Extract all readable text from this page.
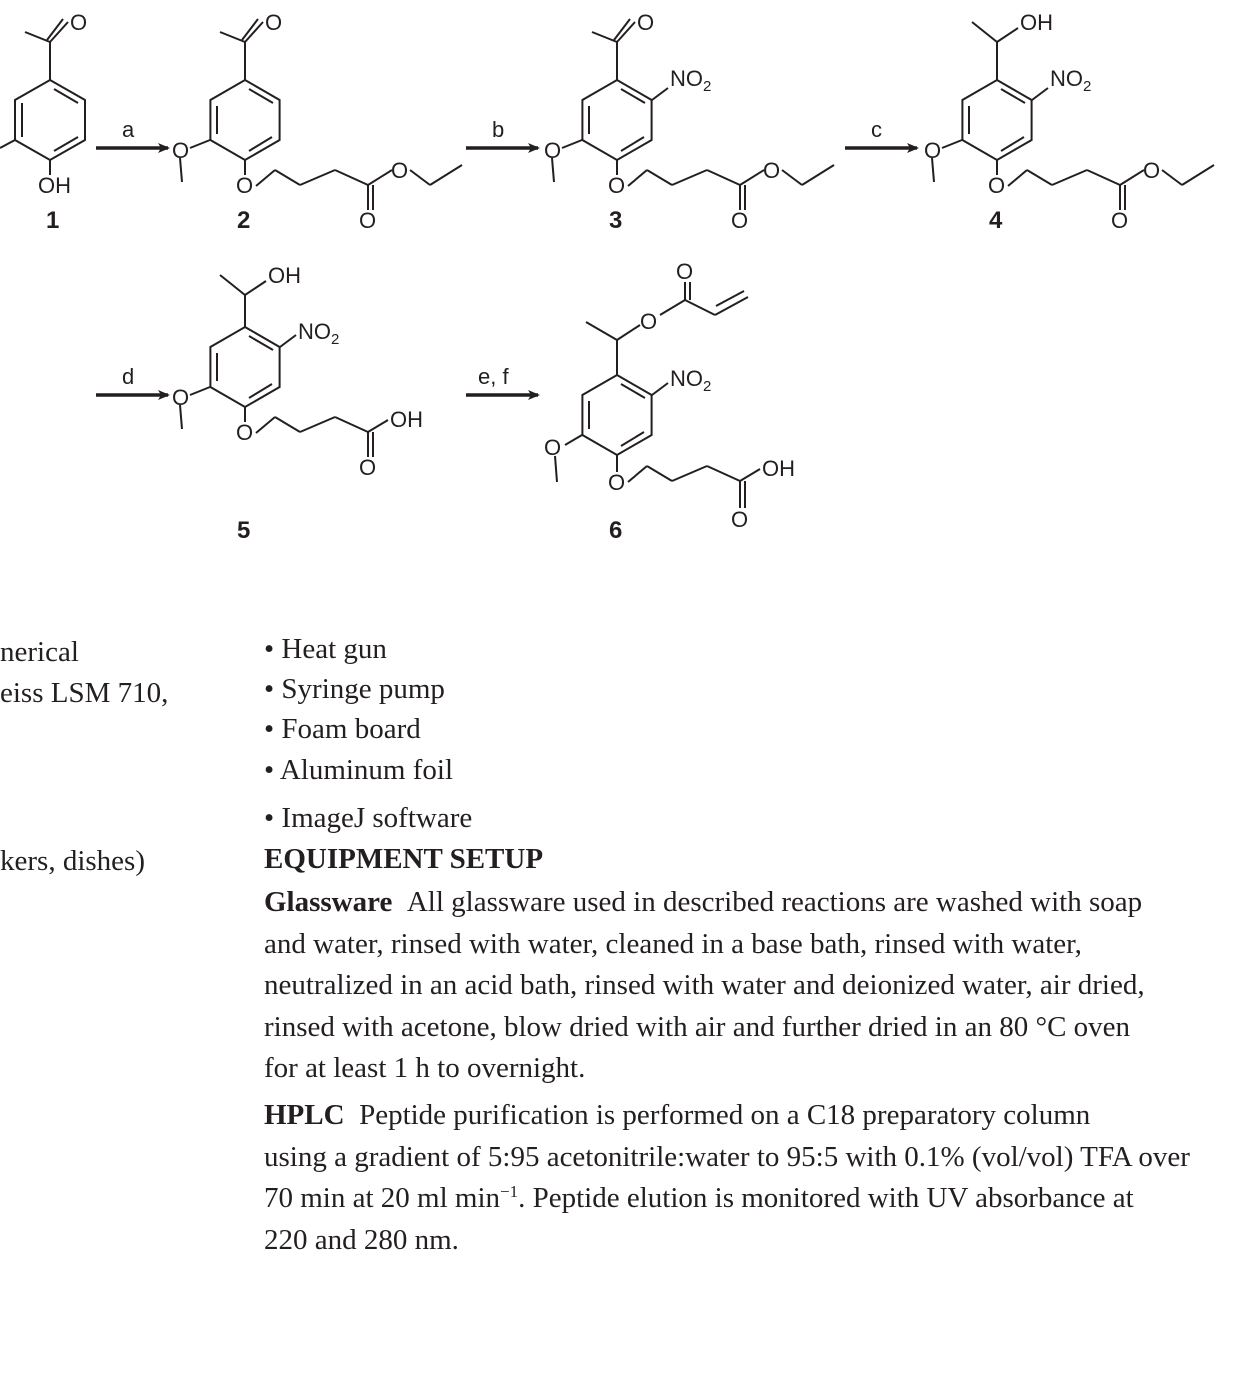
O
OH
1
a
O
O
O
O
O
2
b
O
$NO_2$
O
O
O
O
3
c
OH
$NO_2$
O
O
O
O
4
d
OH
$NO_2$
O
O
OH
O
5
e, f
O
O
$NO_2$
O
O
OH
O
6
nerical
eiss LSM 710,
kers, dishes)
• Heat gun
• Syringe pump
• Foam board
• Aluminum foil
• ImageJ software
EQUIPMENT SETUP
Glassware All glassware used in described reactions are washed with soap
and water, rinsed with water, cleaned in a base bath, rinsed with water,
neutralized in an acid bath, rinsed with water and deionized water, air dried,
rinsed with acetone, blow dried with air and further dried in an 80 °C oven
for at least 1 h to overnight.
HPLC Peptide purification is performed on a C18 preparatory column
using a gradient of 5:95 acetonitrile:water to 95:5 with 0.1% (vol/vol) TFA over
70 min at 20 ml $\min^{-1}$. Peptide elution is monitored with UV absorbance at
220 and 280 nm.
